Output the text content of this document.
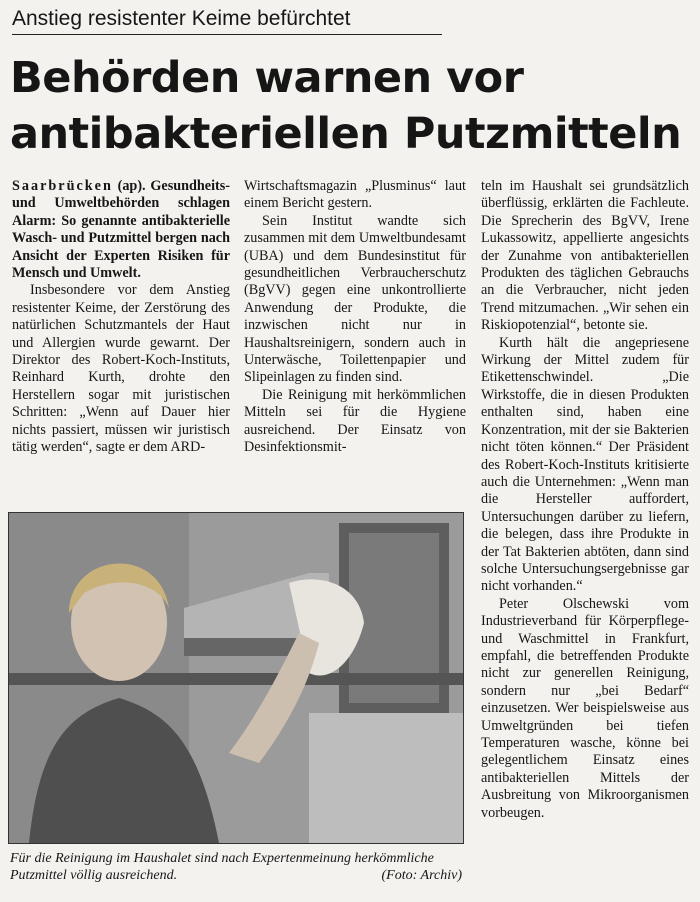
Anstieg resistenter Keime befürchtet
Behörden warnen vor
antibakteriellen Putzmitteln

Saarbrücken (ap). Gesundheits- und Umweltbehörden schlagen Alarm: So genannte antibakterielle Wasch- und Putzmittel bergen nach Ansicht der Experten Risiken für Mensch und Umwelt.

Insbesondere vor dem Anstieg resistenter Keime, der Zerstörung des natürlichen Schutzmantels der Haut und Allergien wurde gewarnt. Der Direktor des Robert-Koch-Instituts, Reinhard Kurth, drohte den Herstellern sogar mit juristischen Schritten: „Wenn auf Dauer hier nichts passiert, müssen wir juristisch tätig werden“, sagte er dem ARD-

Wirtschaftsmagazin „Plusminus“ laut einem Bericht gestern.

Sein Institut wandte sich zusammen mit dem Umweltbundesamt (UBA) und dem Bundesinstitut für gesundheitlichen Verbraucherschutz (BgVV) gegen eine unkontrollierte Anwendung der Produkte, die inzwischen nicht nur in Haushaltsreinigern, sondern auch in Unterwäsche, Toilettenpapier und Slipeinlagen zu finden sind.

Die Reinigung mit herkömmlichen Mitteln sei für die Hygiene ausreichend. Der Einsatz von Desinfektionsmit-

teln im Haushalt sei grundsätzlich überflüssig, erklärten die Fachleute. Die Sprecherin des BgVV, Irene Lukassowitz, appellierte angesichts der Zunahme von antibakteriellen Produkten des täglichen Gebrauchs an die Verbraucher, nicht jeden Trend mitzumachen. „Wir sehen ein Riskiopotenzial“, betonte sie.

Kurth hält die angepriesene Wirkung der Mittel zudem für Etikettenschwindel. „Die Wirkstoffe, die in diesen Produkten enthalten sind, haben eine Konzentration, mit der sie Bakterien nicht töten können.“ Der Präsident des Robert-Koch-Instituts kritisierte auch die Unternehmen: „Wenn man die Hersteller auffordert, Untersuchungen darüber zu liefern, die belegen, dass ihre Produkte in der Tat Bakterien abtöten, dann sind solche Untersuchungsergebnisse gar nicht vorhanden.“

Peter Olschewski vom Industrieverband für Körperpflege- und Waschmittel in Frankfurt, empfahl, die betreffenden Produkte nicht zur generellen Reinigung, sondern nur „bei Bedarf“ einzusetzen. Wer beispielsweise aus Umweltgründen bei tiefen Temperaturen wasche, könne bei gelegentlichem Einsatz eines antibakteriellen Mittels der Ausbreitung von Mikroorganismen vorbeugen.

Für die Reinigung im Haushalet sind nach Expertenmeinung herkömmliche Putzmittel völlig ausreichend.	(Foto: Archiv)
